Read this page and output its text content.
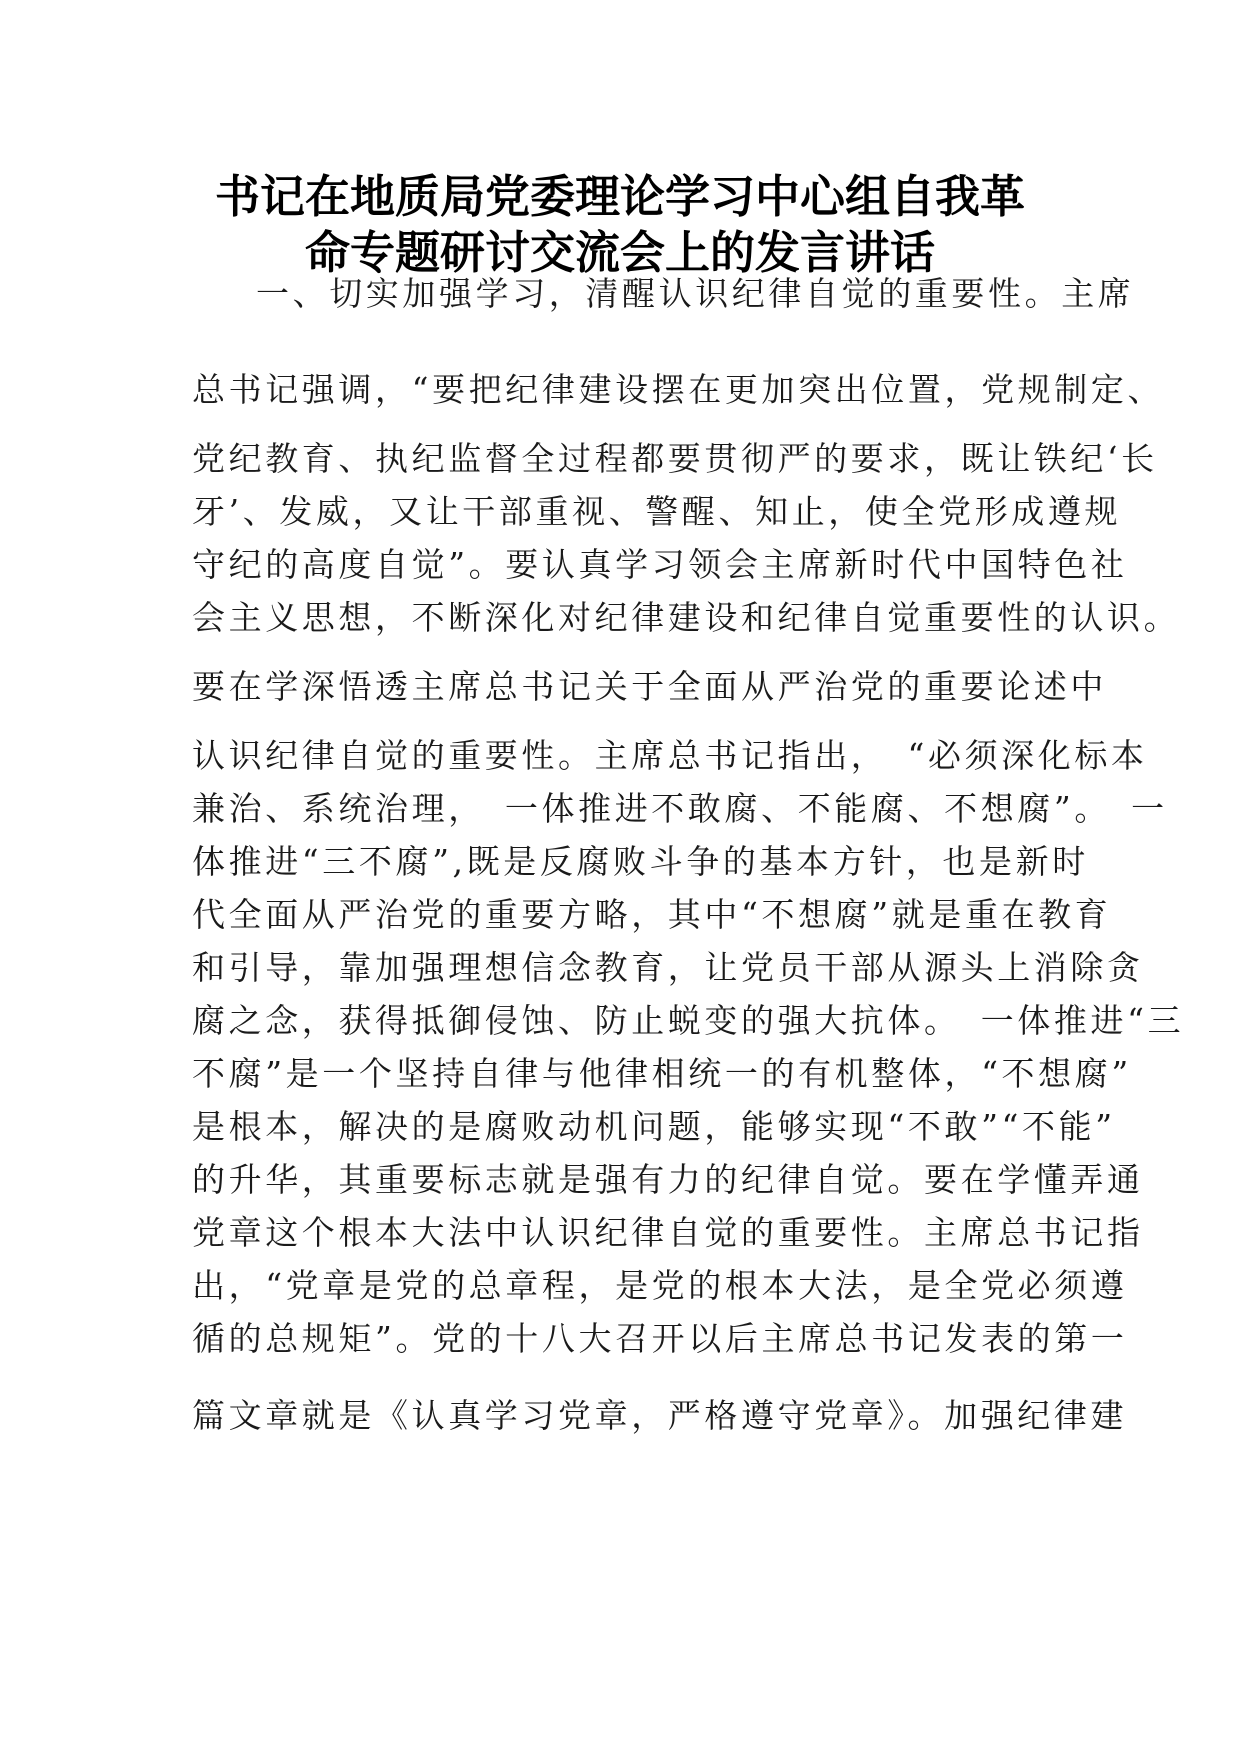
书记在地质局党委理论学习中心组自我革
命专题研讨交流会上的发言讲话

一、切实加强学习，清醒认识纪律自觉的重要性。主席

总书记强调，“要把纪律建设摆在更加突出位置，党规制定、

党纪教育、执纪监督全过程都要贯彻严的要求，既让铁纪‘长

牙’、发威，又让干部重视、警醒、知止，使全党形成遵规

守纪的高度自觉”。要认真学习领会主席新时代中国特色社

会主义思想，不断深化对纪律建设和纪律自觉重要性的认识。

要在学深悟透主席总书记关于全面从严治党的重要论述中

认识纪律自觉的重要性。主席总书记指出，　“必须深化标本

兼治、系统治理，　一体推进不敢腐、不能腐、不想腐”。　一

体推进“三不腐”,既是反腐败斗争的基本方针，也是新时

代全面从严治党的重要方略，其中“不想腐”就是重在教育

和引导，靠加强理想信念教育，让党员干部从源头上消除贪

腐之念，获得抵御侵蚀、防止蜕变的强大抗体。　一体推进“三

不腐”是一个坚持自律与他律相统一的有机整体，“不想腐”

是根本，解决的是腐败动机问题，能够实现“不敢”“不能”

的升华，其重要标志就是强有力的纪律自觉。要在学懂弄通

党章这个根本大法中认识纪律自觉的重要性。主席总书记指

出，“党章是党的总章程，是党的根本大法，是全党必须遵

循的总规矩”。党的十八大召开以后主席总书记发表的第一

篇文章就是《认真学习党章，严格遵守党章》。加强纪律建
